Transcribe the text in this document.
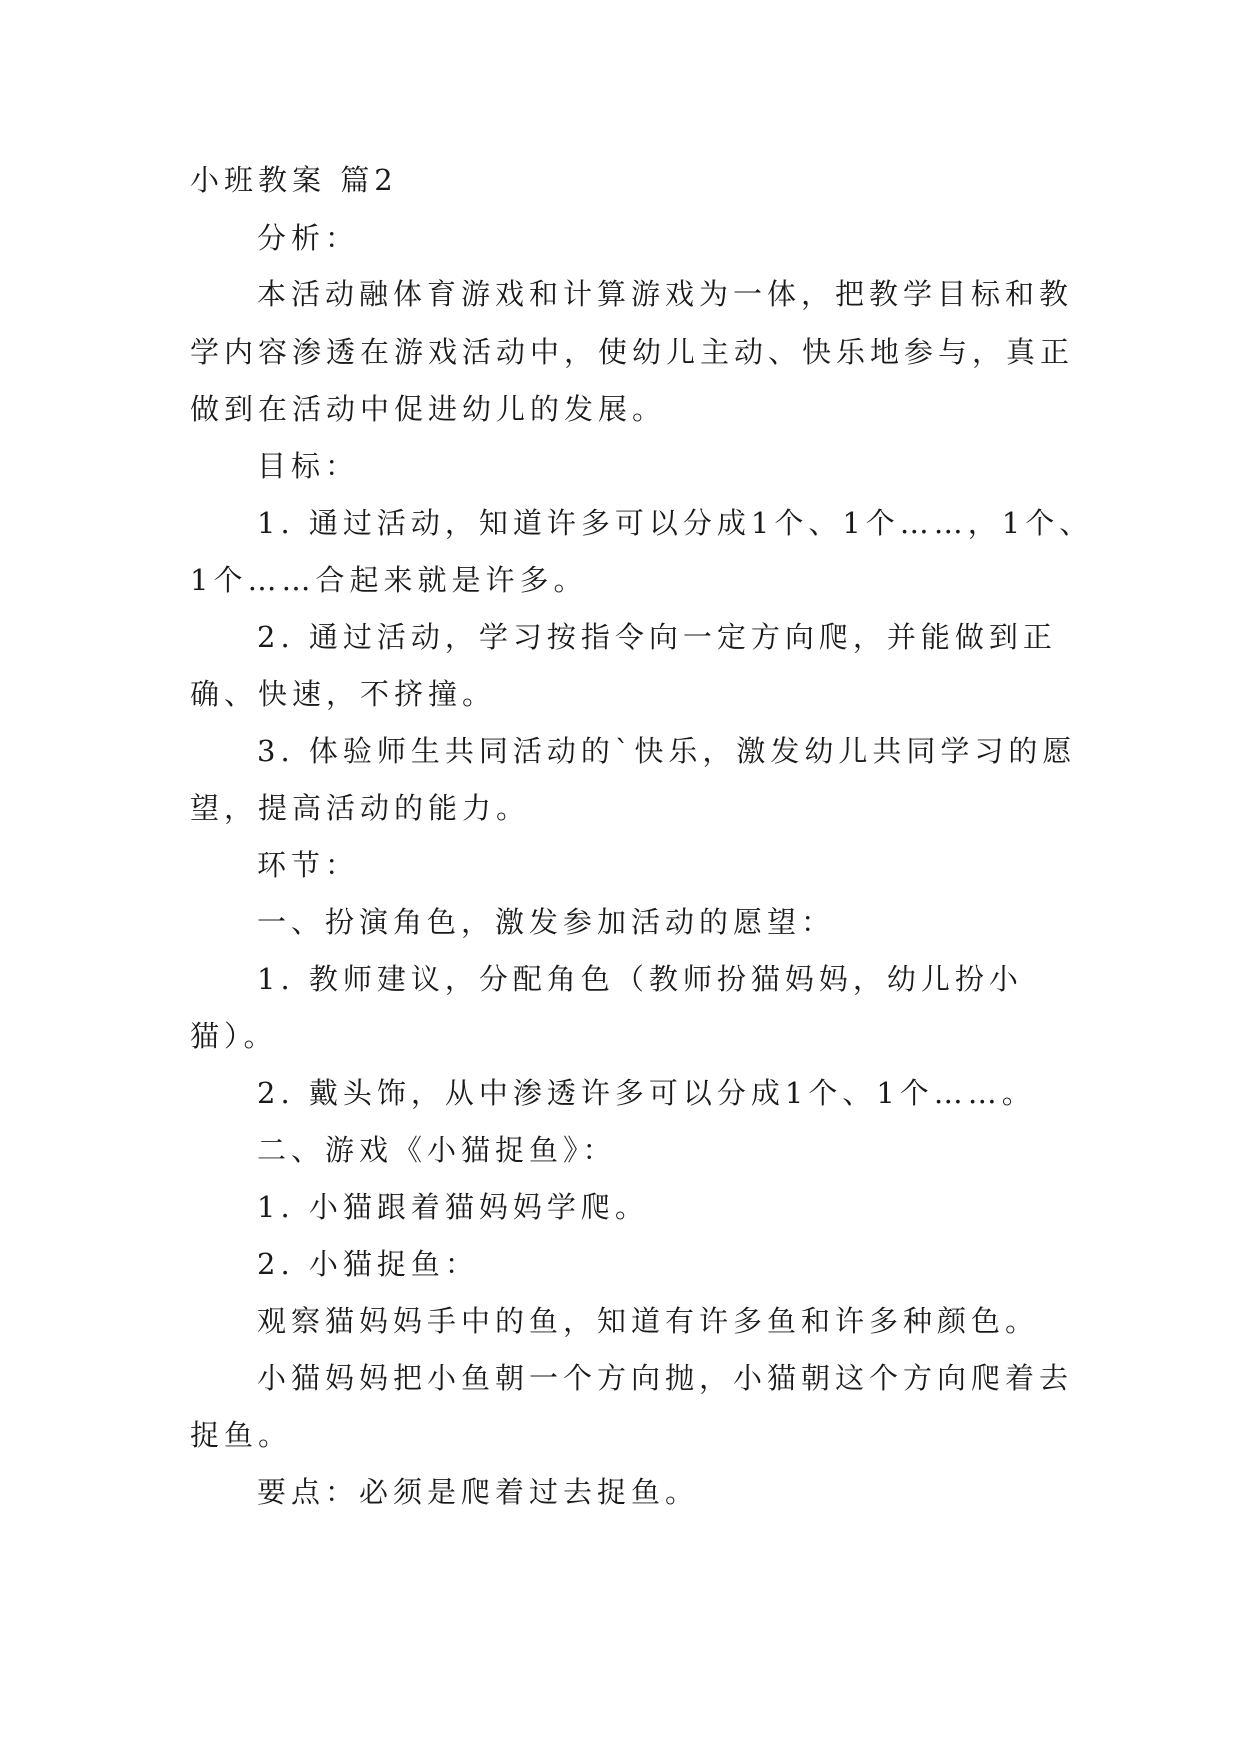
小班教案 篇2
分析：
本活动融体育游戏和计算游戏为一体，把教学目标和教
学内容渗透在游戏活动中，使幼儿主动、快乐地参与，真正
做到在活动中促进幼儿的发展。
目标：
1. 通过活动，知道许多可以分成1个、1个……，1个、
1个……合起来就是许多。
2. 通过活动，学习按指令向一定方向爬，并能做到正
确、快速，不挤撞。
3. 体验师生共同活动的`快乐，激发幼儿共同学习的愿
望，提高活动的能力。
环节：
一、扮演角色，激发参加活动的愿望：
1. 教师建议，分配角色（教师扮猫妈妈，幼儿扮小
猫）。
2. 戴头饰，从中渗透许多可以分成1个、1个……。
二、游戏《小猫捉鱼》：
1. 小猫跟着猫妈妈学爬。
2. 小猫捉鱼：
观察猫妈妈手中的鱼，知道有许多鱼和许多种颜色。
小猫妈妈把小鱼朝一个方向抛，小猫朝这个方向爬着去
捉鱼。
要点：必须是爬着过去捉鱼。
